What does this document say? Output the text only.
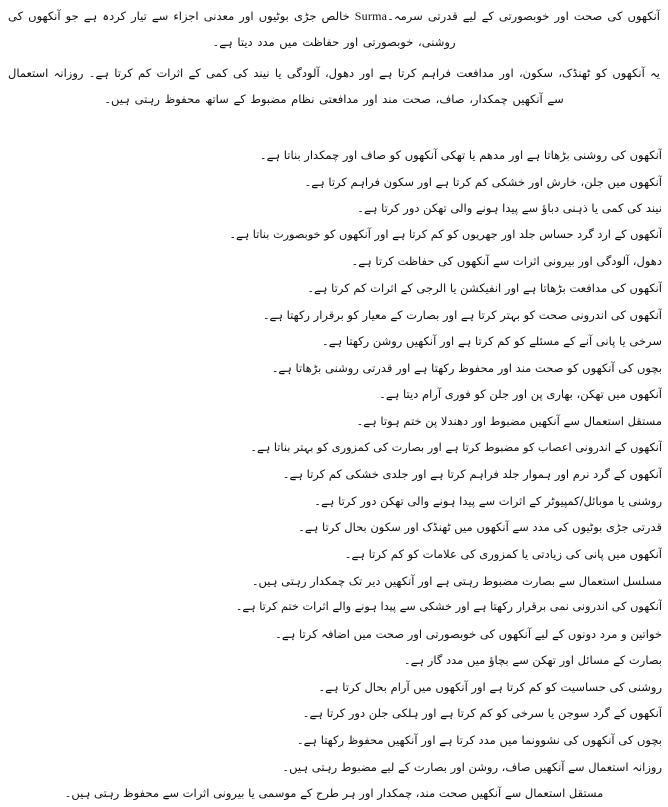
آنکھوں کی صحت اور خوبصورتی کے لیے قدرتی سرمہ۔Surma خالص جڑی بوٹیوں اور معدنی اجزاء سے تیار کردہ ہے جو آنکھوں کی روشنی، خوبصورتی اور حفاظت میں مدد دیتا ہے۔

یہ آنکھوں کو ٹھنڈک، سکون، اور مدافعت فراہم کرتا ہے اور دھول، آلودگی یا نیند کی کمی کے اثرات کم کرتا ہے۔ روزانہ استعمال سے آنکھیں چمکدار، صاف، صحت مند اور مدافعتی نظام مضبوط کے ساتھ محفوظ رہتی ہیں۔

آنکھوں کی روشنی بڑھاتا ہے اور مدھم یا تھکی آنکھوں کو صاف اور چمکدار بناتا ہے۔
آنکھوں میں جلن، خارش اور خشکی کم کرتا ہے اور سکون فراہم کرتا ہے۔
نیند کی کمی یا ذہنی دباؤ سے پیدا ہونے والی تھکن دور کرتا ہے۔
آنکھوں کے ارد گرد حساس جلد اور جھریوں کو کم کرتا ہے اور آنکھوں کو خوبصورت بناتا ہے۔
دھول، آلودگی اور بیرونی اثرات سے آنکھوں کی حفاظت کرتا ہے۔
آنکھوں کی مدافعت بڑھاتا ہے اور انفیکشن یا الرجی کے اثرات کم کرتا ہے۔
آنکھوں کی اندرونی صحت کو بہتر کرتا ہے اور بصارت کے معیار کو برقرار رکھتا ہے۔
سرخی یا پانی آنے کے مسئلے کو کم کرتا ہے اور آنکھیں روشن رکھتا ہے۔
بچوں کی آنکھوں کو صحت مند اور محفوظ رکھتا ہے اور قدرتی روشنی بڑھاتا ہے۔
آنکھوں میں تھکن، بھاری پن اور جلن کو فوری آرام دیتا ہے۔
مستقل استعمال سے آنکھیں مضبوط اور دھندلا پن ختم ہوتا ہے۔
آنکھوں کے اندرونی اعصاب کو مضبوط کرتا ہے اور بصارت کی کمزوری کو بہتر بناتا ہے۔
آنکھوں کے گرد نرم اور ہموار جلد فراہم کرتا ہے اور جلدی خشکی کم کرتا ہے۔
روشنی یا موبائل/کمپیوٹر کے اثرات سے پیدا ہونے والی تھکن دور کرتا ہے۔
قدرتی جڑی بوٹیوں کی مدد سے آنکھوں میں ٹھنڈک اور سکون بحال کرتا ہے۔
آنکھوں میں پانی کی زیادتی یا کمزوری کی علامات کو کم کرتا ہے۔
مسلسل استعمال سے بصارت مضبوط رہتی ہے اور آنکھیں دیر تک چمکدار رہتی ہیں۔
آنکھوں کی اندرونی نمی برقرار رکھتا ہے اور خشکی سے پیدا ہونے والے اثرات ختم کرتا ہے۔
خواتین و مرد دونوں کے لیے آنکھوں کی خوبصورتی اور صحت میں اضافہ کرتا ہے۔
بصارت کے مسائل اور تھکن سے بچاؤ میں مدد گار ہے۔
روشنی کی حساسیت کو کم کرتا ہے اور آنکھوں میں آرام بحال کرتا ہے۔
آنکھوں کے گرد سوجن یا سرخی کو کم کرتا ہے اور ہلکی جلن دور کرتا ہے۔
بچوں کی آنکھوں کی نشوونما میں مدد کرتا ہے اور آنکھیں محفوظ رکھتا ہے۔
روزانہ استعمال سے آنکھیں صاف، روشن اور بصارت کے لیے مضبوط رہتی ہیں۔

مستقل استعمال سے آنکھیں صحت مند، چمکدار اور ہر طرح کے موسمی یا بیرونی اثرات سے محفوظ رہتی ہیں۔
